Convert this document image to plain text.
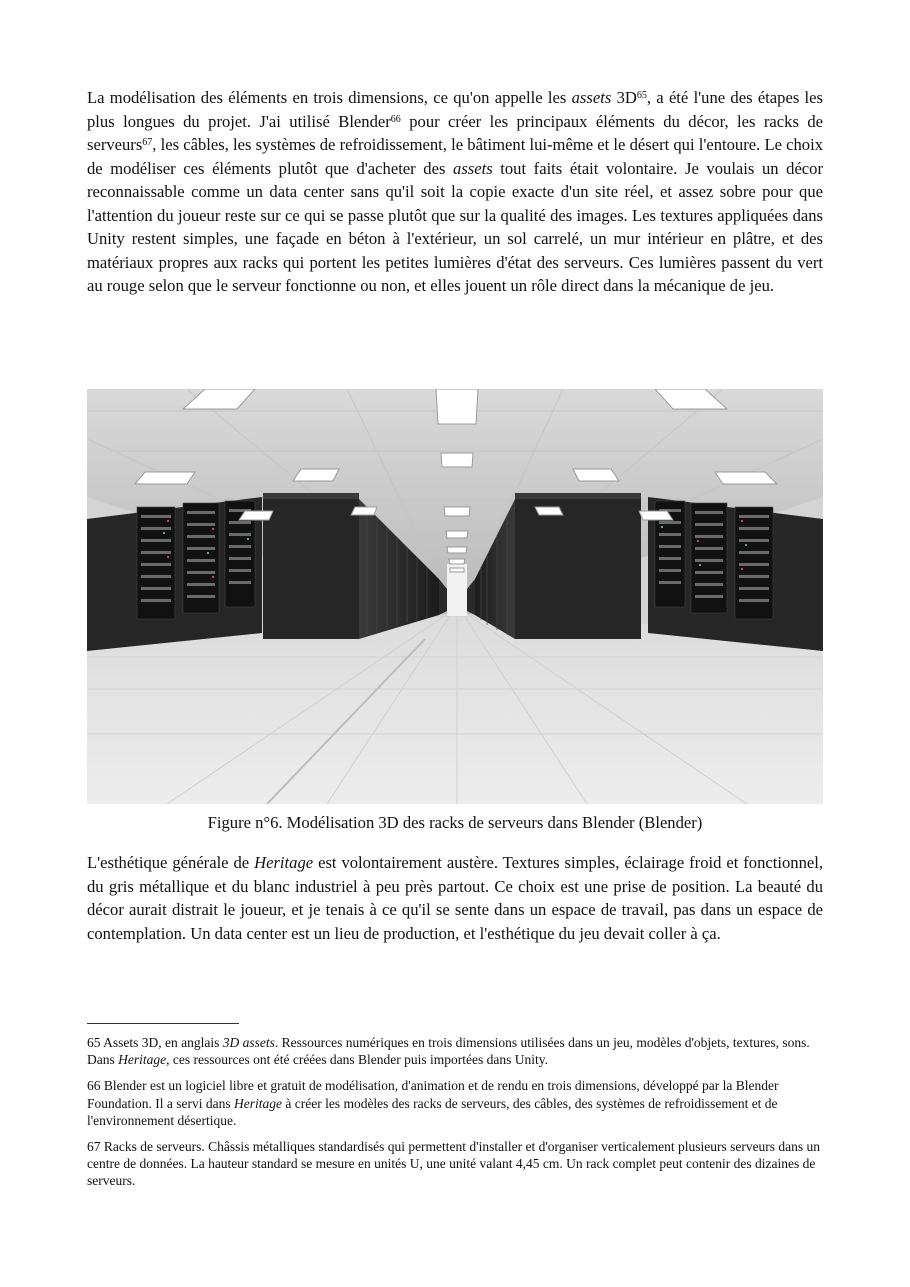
La modélisation des éléments en trois dimensions, ce qu'on appelle les assets $3D^{65}$, a été l'une des étapes les plus longues du projet. J'ai utilisé Blender$^{66}$ pour créer les principaux éléments du décor, les racks de serveurs$^{67}$, les câbles, les systèmes de refroidissement, le bâtiment lui-même et le désert qui l'entoure. Le choix de modéliser ces éléments plutôt que d'acheter des assets tout faits était volontaire. Je voulais un décor reconnaissable comme un data center sans qu'il soit la copie exacte d'un site réel, et assez sobre pour que l'attention du joueur reste sur ce qui se passe plutôt que sur la qualité des images. Les textures appliquées dans Unity restent simples, une façade en béton à l'extérieur, un sol carrelé, un mur intérieur en plâtre, et des matériaux propres aux racks qui portent les petites lumières d'état des serveurs. Ces lumières passent du vert au rouge selon que le serveur fonctionne ou non, et elles jouent un rôle direct dans la mécanique de jeu.

Figure n°6. Modélisation 3D des racks de serveurs dans Blender (Blender)

L'esthétique générale de Heritage est volontairement austère. Textures simples, éclairage froid et fonctionnel, du gris métallique et du blanc industriel à peu près partout. Ce choix est une prise de position. La beauté du décor aurait distrait le joueur, et je tenais à ce qu'il se sente dans un espace de travail, pas dans un espace de contemplation. Un data center est un lieu de production, et l'esthétique du jeu devait coller à ça.

65 Assets 3D, en anglais 3D assets. Ressources numériques en trois dimensions utilisées dans un jeu, modèles d'objets, textures, sons. Dans Heritage, ces ressources ont été créées dans Blender puis importées dans Unity.

66 Blender est un logiciel libre et gratuit de modélisation, d'animation et de rendu en trois dimensions, développé par la Blender Foundation. Il a servi dans Heritage à créer les modèles des racks de serveurs, des câbles, des systèmes de refroidissement et de l'environnement désertique.

67 Racks de serveurs. Châssis métalliques standardisés qui permettent d'installer et d'organiser verticalement plusieurs serveurs dans un centre de données. La hauteur standard se mesure en unités U, une unité valant 4,45 cm. Un rack complet peut contenir des dizaines de serveurs.
